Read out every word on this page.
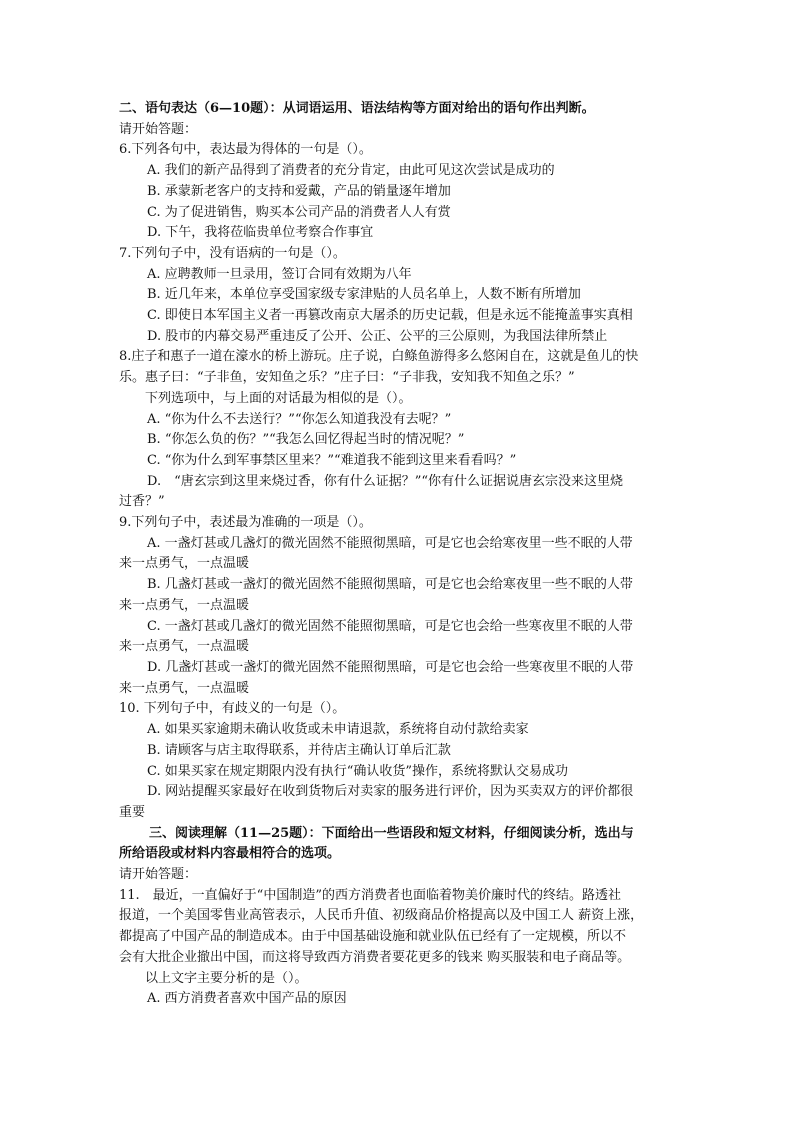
二、语句表达（6—10题）：从词语运用、语法结构等方面对给出的语句作出判断。
请开始答题：
6.下列各句中，表达最为得体的一句是（）。
A. 我们的新产品得到了消费者的充分肯定，由此可见这次尝试是成功的
B. 承蒙新老客户的支持和爱戴，产品的销量逐年增加
C. 为了促进销售，购买本公司产品的消费者人人有赏
D. 下午，我将莅临贵单位考察合作事宜
7.下列句子中，没有语病的一句是（）。
A. 应聘教师一旦录用，签订合同有效期为八年
B. 近几年来，本单位享受国家级专家津贴的人员名单上，人数不断有所增加
C. 即使日本军国主义者一再篡改南京大屠杀的历史记载，但是永远不能掩盖事实真相
D. 股市的内幕交易严重违反了公开、公正、公平的三公原则，为我国法律所禁止
8.庄子和惠子一道在濠水的桥上游玩。庄子说，白鲦鱼游得多么悠闲自在，这就是鱼儿的快
乐。惠子曰：“子非鱼，安知鱼之乐？”庄子曰：“子非我，安知我不知鱼之乐？”
下列选项中，与上面的对话最为相似的是（）。
A. “你为什么不去送行？”“你怎么知道我没有去呢？”
B. “你怎么负的伤？”“我怎么回忆得起当时的情况呢？”
C. “你为什么到军事禁区里来？”“难道我不能到这里来看看吗？”
D.　“唐玄宗到这里来烧过香，你有什么证据？”“你有什么证据说唐玄宗没来这里烧
过香？”
9.下列句子中，表述最为准确的一项是（）。
A. 一盏灯甚或几盏灯的微光固然不能照彻黑暗，可是它也会给寒夜里一些不眠的人带
来一点勇气，一点温暖
B. 几盏灯甚或一盏灯的微光固然不能照彻黑暗，可是它也会给寒夜里一些不眠的人带
来一点勇气，一点温暖
C. 一盏灯甚或几盏灯的微光固然不能照彻黑暗，可是它也会给一些寒夜里不眠的人带
来一点勇气，一点温暖
D. 几盏灯甚或一盏灯的微光固然不能照彻黑暗，可是它也会给一些寒夜里不眠的人带
来一点勇气，一点温暖
10. 下列句子中，有歧义的一句是（）。
A. 如果买家逾期未确认收货或未申请退款，系统将自动付款给卖家
B. 请顾客与店主取得联系，并待店主确认订单后汇款
C. 如果买家在规定期限内没有执行“确认收货”操作，系统将默认交易成功
D. 网站提醒买家最好在收到货物后对卖家的服务进行评价，因为买卖双方的评价都很
重要
三、阅读理解（11—25题）：下面给出一些语段和短文材料，仔细阅读分析，选出与
所给语段或材料内容最相符合的选项。
请开始答题：
11.　最近，一直偏好于“中国制造”的西方消费者也面临着物美价廉时代的终结。路透社
报道，一个美国零售业高管表示，人民币升值、初级商品价格提高以及中国工人 薪资上涨，
都提高了中国产品的制造成本。由于中国基础设施和就业队伍已经有了一定规模，所以不
会有大批企业撤出中国，而这将导致西方消费者要花更多的钱来 购买服装和电子商品等。
以上文字主要分析的是（）。
A. 西方消费者喜欢中国产品的原因
